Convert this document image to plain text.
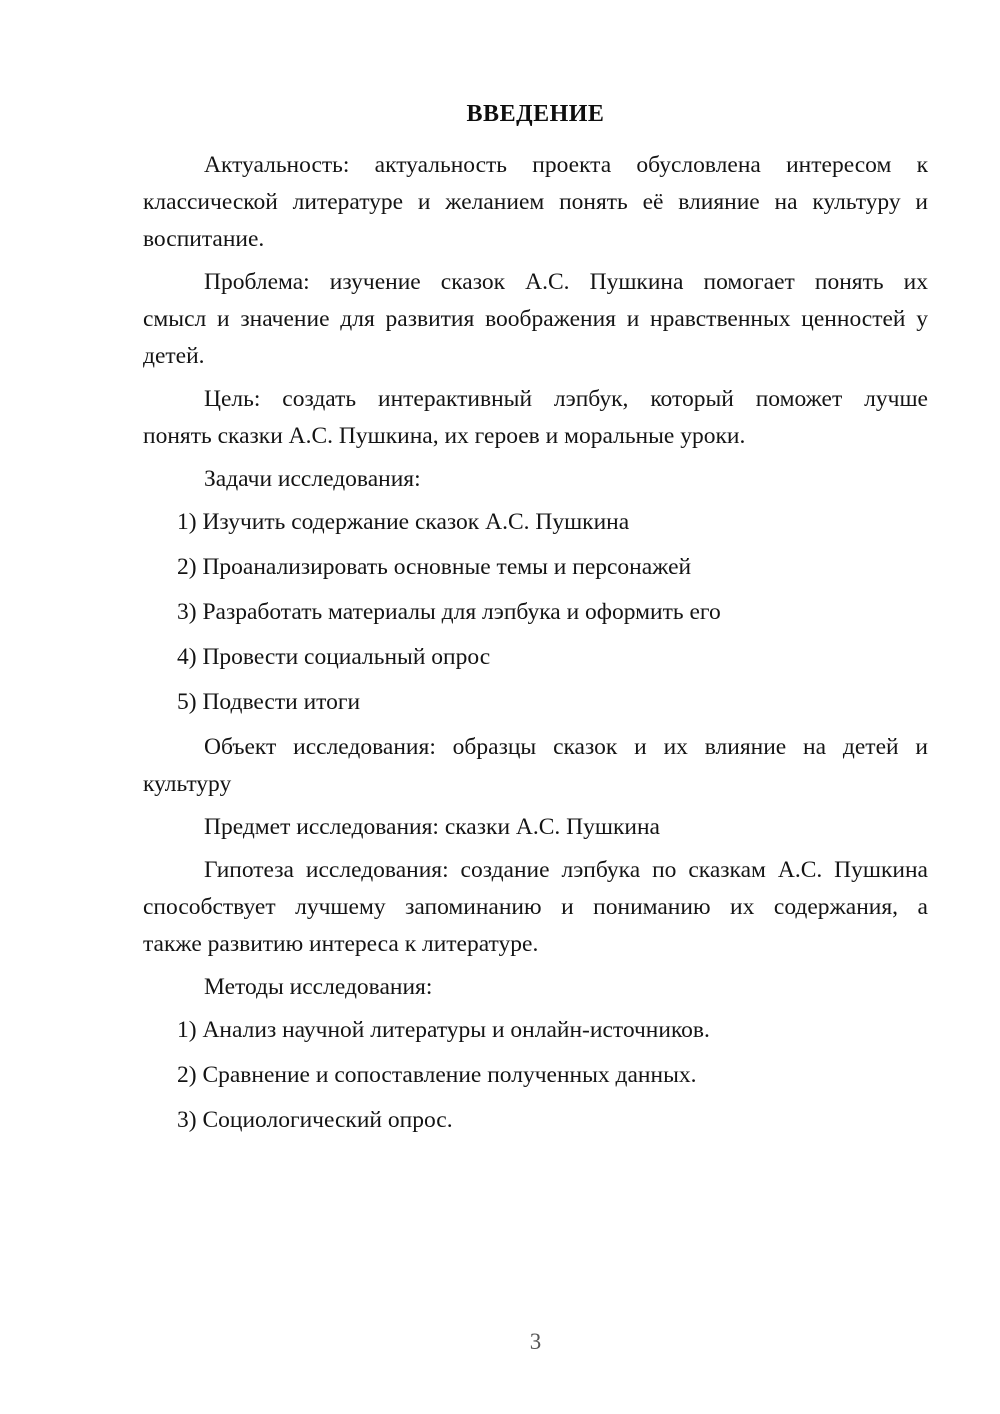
ВВЕДЕНИЕ
Актуальность: актуальность проекта обусловлена интересом к
классической литературе и желанием понять её влияние на культуру и
воспитание.
Проблема: изучение сказок А.С. Пушкина помогает понять их
смысл и значение для развития воображения и нравственных ценностей у
детей.
Цель: создать интерактивный лэпбук, который поможет лучше
понять сказки А.С. Пушкина, их героев и моральные уроки.
Задачи исследования:
1) Изучить содержание сказок А.С. Пушкина
2) Проанализировать основные темы и персонажей
3) Разработать материалы для лэпбука и оформить его
4) Провести социальный опрос
5) Подвести итоги
Объект исследования: образцы сказок и их влияние на детей и
культуру
Предмет исследования: сказки А.С. Пушкина
Гипотеза исследования: создание лэпбука по сказкам А.С. Пушкина
способствует лучшему запоминанию и пониманию их содержания, а
также развитию интереса к литературе.
Методы исследования:
1) Анализ научной литературы и онлайн-источников.
2) Сравнение и сопоставление полученных данных.
3) Социологический опрос.
3
